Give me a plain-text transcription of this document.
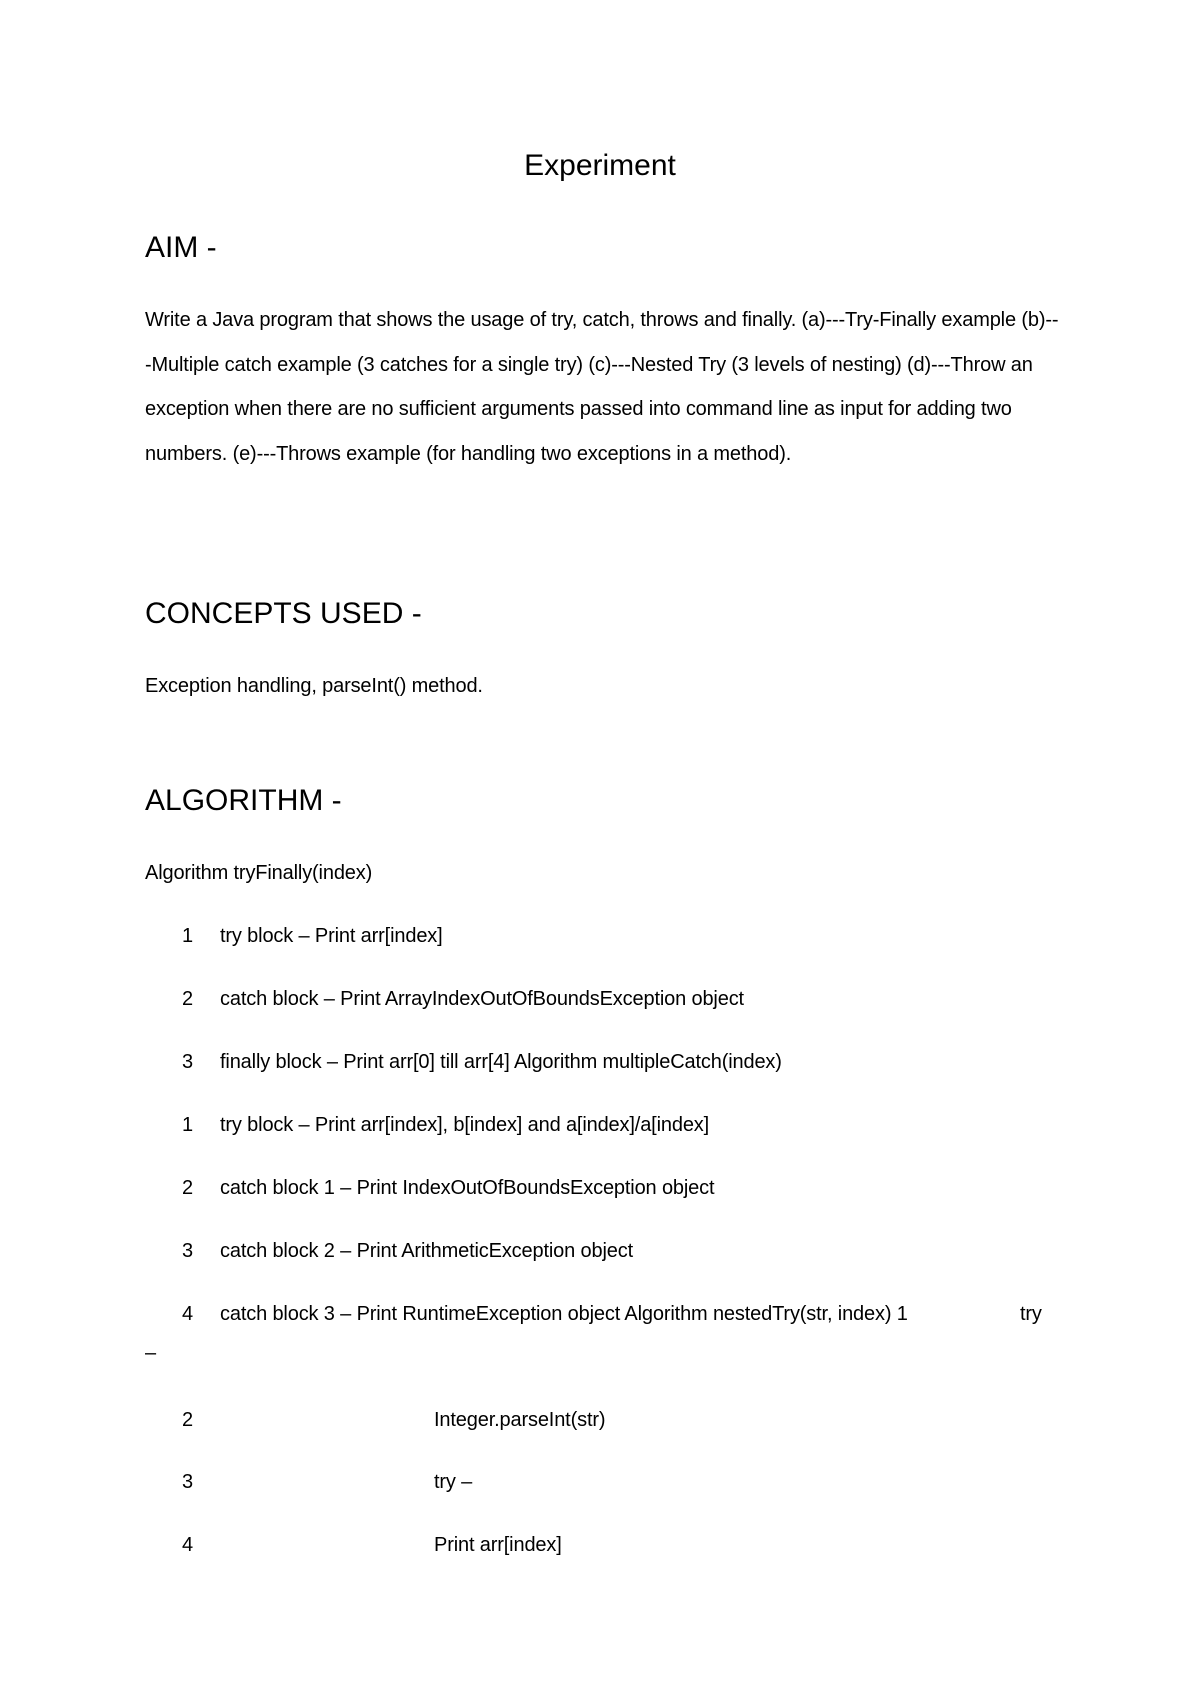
Experiment
AIM -
Write a Java program that shows the usage of try, catch, throws and finally. (a)---Try-Finally example (b)---Multiple catch example (3 catches for a single try) (c)---Nested Try (3 levels of nesting) (d)---Throw an exception when there are no sufficient arguments passed into command line as input for adding two numbers. (e)---Throws example (for handling two exceptions in a method).
CONCEPTS USED -
Exception handling, parseInt() method.
ALGORITHM -
Algorithm tryFinally(index)
1 try block – Print arr[index]
2 catch block – Print ArrayIndexOutOfBoundsException object
3 finally block – Print arr[0] till arr[4] Algorithm multipleCatch(index)
1 try block – Print arr[index], b[index] and a[index]/a[index]
2 catch block 1 – Print IndexOutOfBoundsException object
3 catch block 2 – Print ArithmeticException object
4 catch block 3 – Print RuntimeException object Algorithm nestedTry(str, index) 1	try
–
2	Integer.parseInt(str)
3	try –
4	Print arr[index]
